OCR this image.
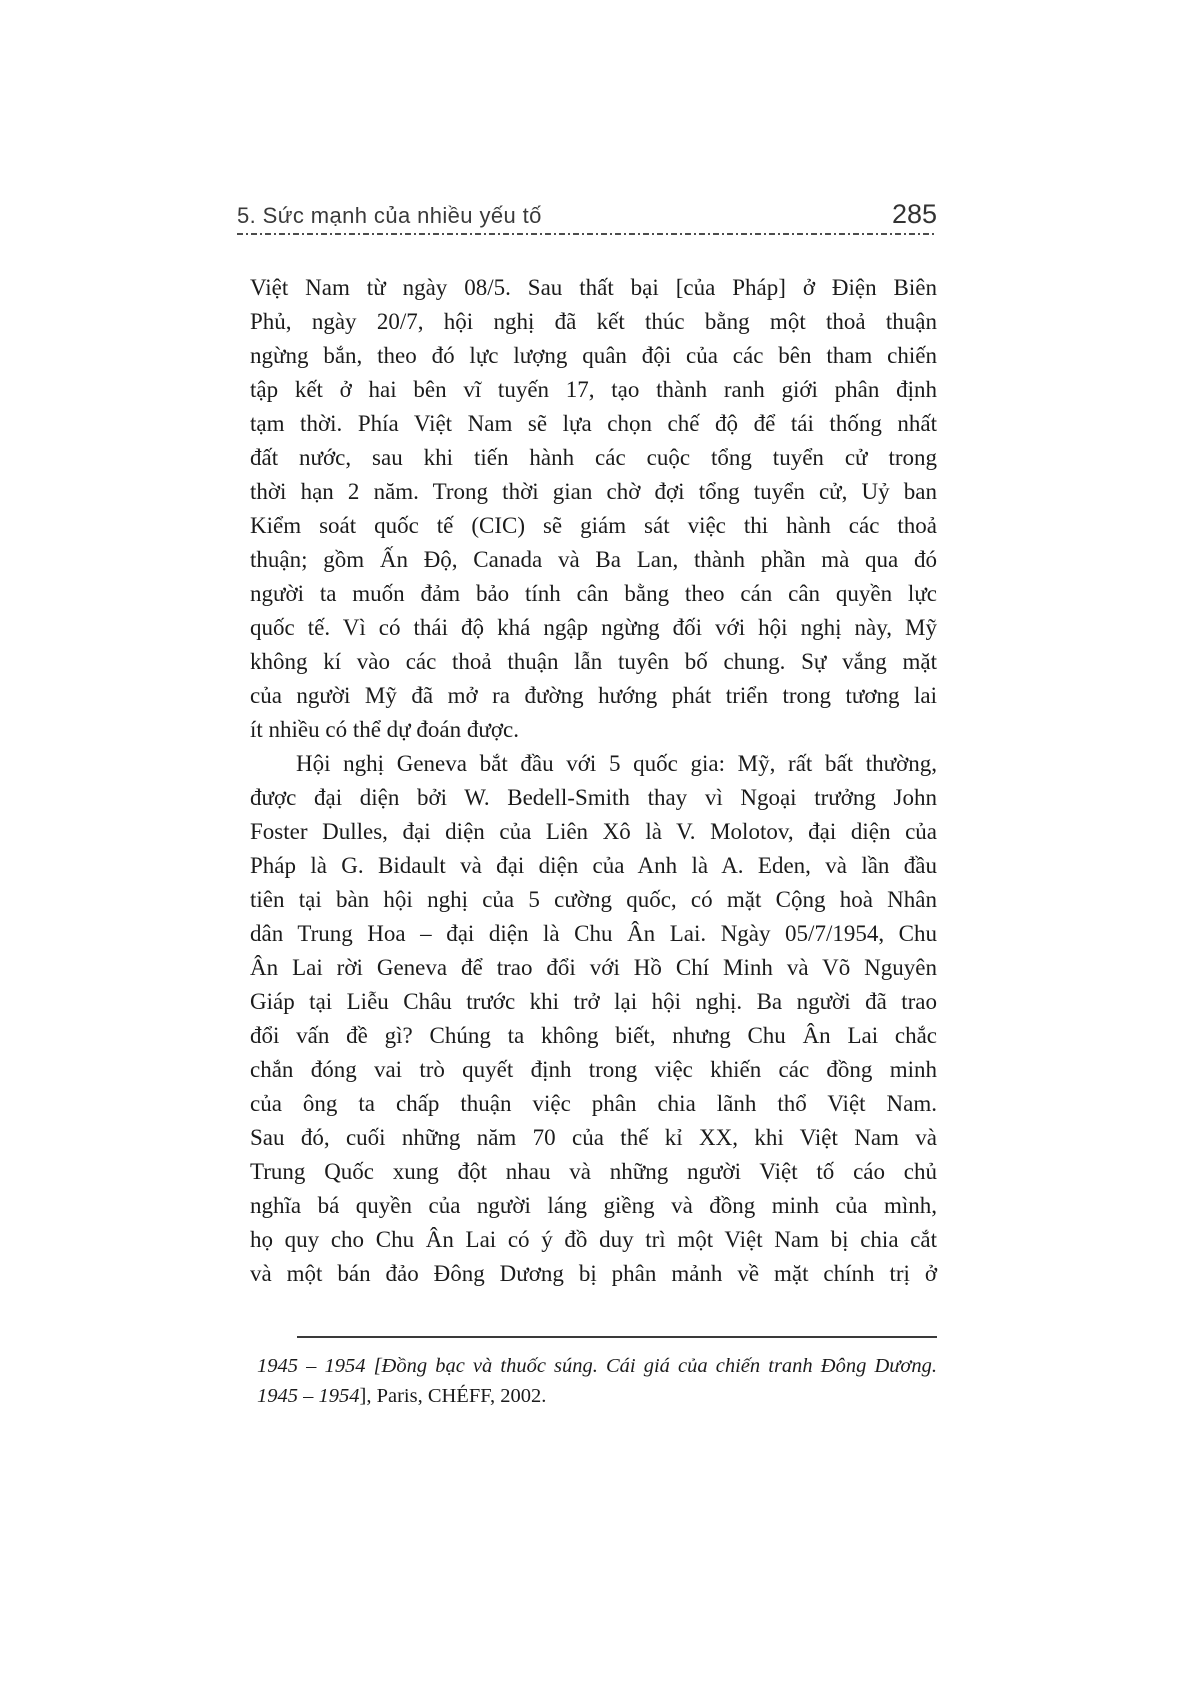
5. Sức mạnh của nhiều yếu tố	285
Việt Nam từ ngày 08/5. Sau thất bại [của Pháp] ở Điện Biên
Phủ, ngày 20/7, hội nghị đã kết thúc bằng một thoả thuận
ngừng bắn, theo đó lực lượng quân đội của các bên tham chiến
tập kết ở hai bên vĩ tuyến 17, tạo thành ranh giới phân định
tạm thời. Phía Việt Nam sẽ lựa chọn chế độ để tái thống nhất
đất nước, sau khi tiến hành các cuộc tổng tuyển cử trong
thời hạn 2 năm. Trong thời gian chờ đợi tổng tuyển cử, Uỷ ban
Kiểm soát quốc tế (CIC) sẽ giám sát việc thi hành các thoả
thuận; gồm Ấn Độ, Canada và Ba Lan, thành phần mà qua đó
người ta muốn đảm bảo tính cân bằng theo cán cân quyền lực
quốc tế. Vì có thái độ khá ngập ngừng đối với hội nghị này, Mỹ
không kí vào các thoả thuận lẫn tuyên bố chung. Sự vắng mặt
của người Mỹ đã mở ra đường hướng phát triển trong tương lai
ít nhiều có thể dự đoán được.
Hội nghị Geneva bắt đầu với 5 quốc gia: Mỹ, rất bất thường,
được đại diện bởi W. Bedell-Smith thay vì Ngoại trưởng John
Foster Dulles, đại diện của Liên Xô là V. Molotov, đại diện của
Pháp là G. Bidault và đại diện của Anh là A. Eden, và lần đầu
tiên tại bàn hội nghị của 5 cường quốc, có mặt Cộng hoà Nhân
dân Trung Hoa – đại diện là Chu Ân Lai. Ngày 05/7/1954, Chu
Ân Lai rời Geneva để trao đổi với Hồ Chí Minh và Võ Nguyên
Giáp tại Liễu Châu trước khi trở lại hội nghị. Ba người đã trao
đổi vấn đề gì? Chúng ta không biết, nhưng Chu Ân Lai chắc
chắn đóng vai trò quyết định trong việc khiến các đồng minh
của ông ta chấp thuận việc phân chia lãnh thổ Việt Nam.
Sau đó, cuối những năm 70 của thế kỉ XX, khi Việt Nam và
Trung Quốc xung đột nhau và những người Việt tố cáo chủ
nghĩa bá quyền của người láng giềng và đồng minh của mình,
họ quy cho Chu Ân Lai có ý đồ duy trì một Việt Nam bị chia cắt
và một bán đảo Đông Dương bị phân mảnh về mặt chính trị ở
1945 – 1954 [Đồng bạc và thuốc súng. Cái giá của chiến tranh Đông Dương.
1945 – 1954], Paris, CHÉFF, 2002.
